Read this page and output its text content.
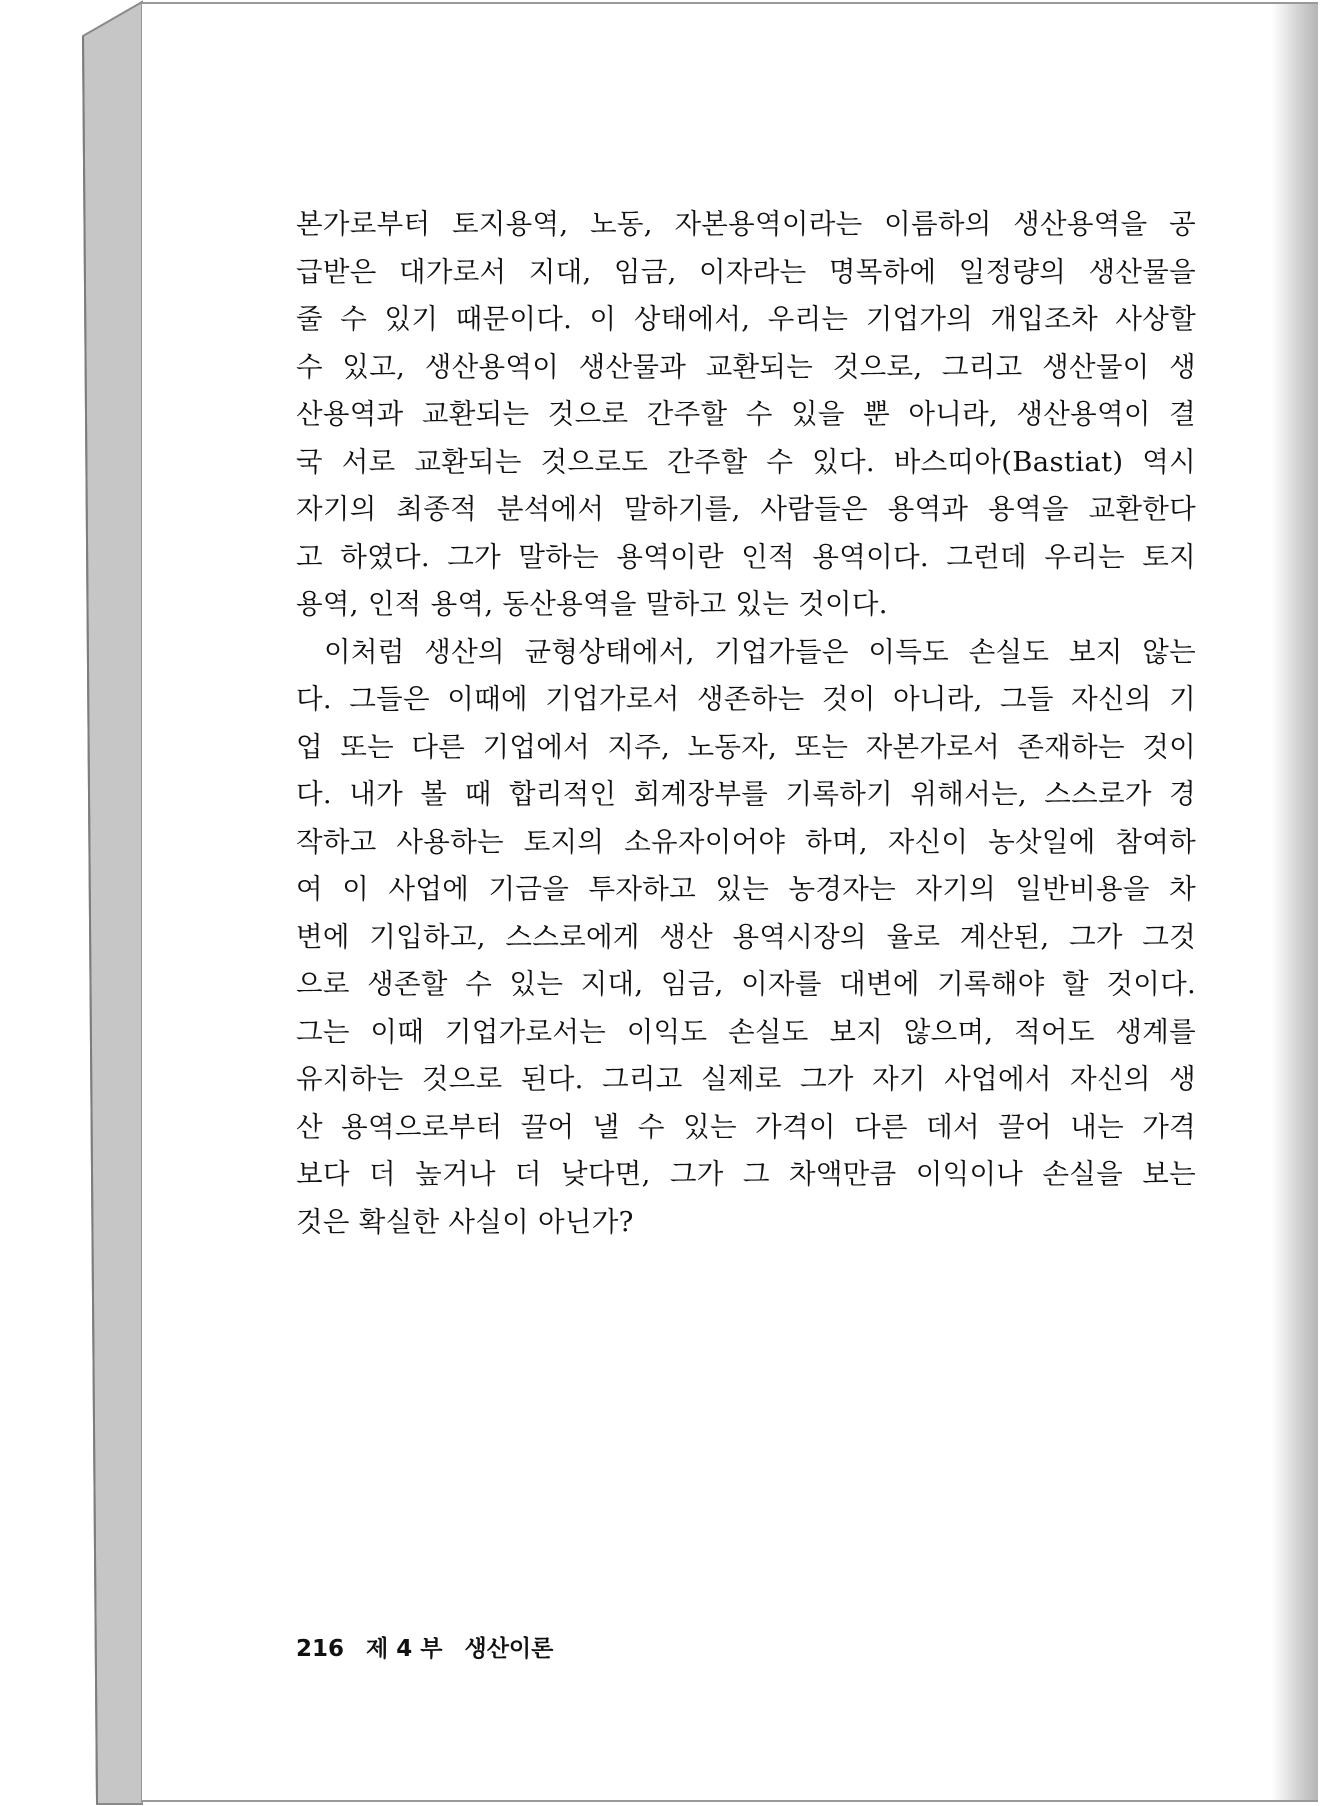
본가로부터 토지용역, 노동, 자본용역이라는 이름하의 생산용역을 공
급받은 대가로서 지대, 임금, 이자라는 명목하에 일정량의 생산물을
줄 수 있기 때문이다. 이 상태에서, 우리는 기업가의 개입조차 사상할
수 있고, 생산용역이 생산물과 교환되는 것으로, 그리고 생산물이 생
산용역과 교환되는 것으로 간주할 수 있을 뿐 아니라, 생산용역이 결
국 서로 교환되는 것으로도 간주할 수 있다. 바스띠아(Bastiat) 역시
자기의 최종적 분석에서 말하기를, 사람들은 용역과 용역을 교환한다
고 하였다. 그가 말하는 용역이란 인적 용역이다. 그런데 우리는 토지
용역, 인적 용역, 동산용역을 말하고 있는 것이다.
이처럼 생산의 균형상태에서, 기업가들은 이득도 손실도 보지 않는
다. 그들은 이때에 기업가로서 생존하는 것이 아니라, 그들 자신의 기
업 또는 다른 기업에서 지주, 노동자, 또는 자본가로서 존재하는 것이
다. 내가 볼 때 합리적인 회계장부를 기록하기 위해서는, 스스로가 경
작하고 사용하는 토지의 소유자이어야 하며, 자신이 농삿일에 참여하
여 이 사업에 기금을 투자하고 있는 농경자는 자기의 일반비용을 차
변에 기입하고, 스스로에게 생산 용역시장의 율로 계산된, 그가 그것
으로 생존할 수 있는 지대, 임금, 이자를 대변에 기록해야 할 것이다.
그는 이때 기업가로서는 이익도 손실도 보지 않으며, 적어도 생계를
유지하는 것으로 된다. 그리고 실제로 그가 자기 사업에서 자신의 생
산 용역으로부터 끌어 낼 수 있는 가격이 다른 데서 끌어 내는 가격
보다 더 높거나 더 낮다면, 그가 그 차액만큼 이익이나 손실을 보는
것은 확실한 사실이 아닌가?
216 제 4 부 생산이론
